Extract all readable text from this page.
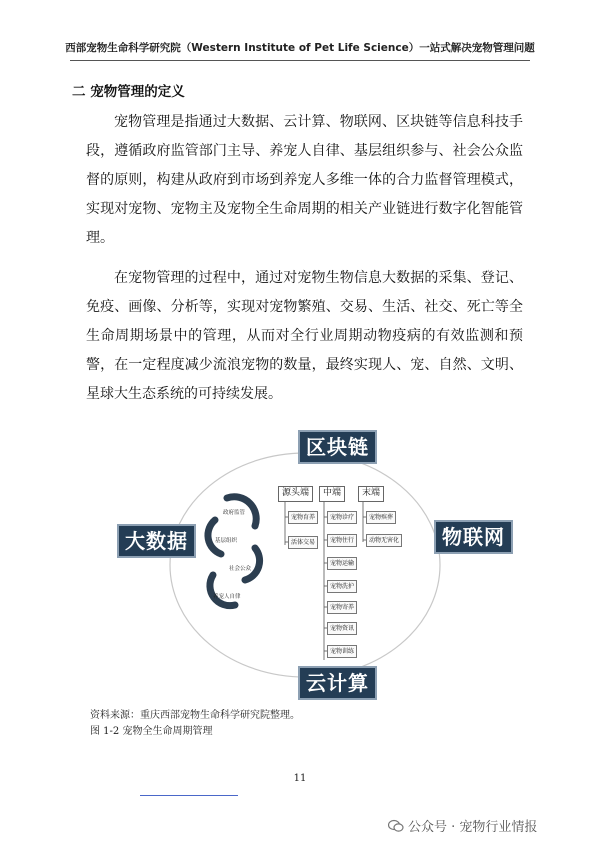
西部宠物生命科学研究院（Western Institute of Pet Life Science）一站式解决宠物管理问题
二 宠物管理的定义

宠物管理是指通过大数据、云计算、物联网、区块链等信息科技手段，遵循政府监管部门主导、养宠人自律、基层组织参与、社会公众监督的原则，构建从政府到市场到养宠人多维一体的合力监督管理模式，实现对宠物、宠物主及宠物全生命周期的相关产业链进行数字化智能管理。

在宠物管理的过程中，通过对宠物生物信息大数据的采集、登记、免疫、画像、分析等，实现对宠物繁殖、交易、生活、社交、死亡等全生命周期场景中的管理，从而对全行业周期动物疫病的有效监测和预警，在一定程度减少流浪宠物的数量，最终实现人、宠、自然、文明、星球大生态系统的可持续发展。

区块链
大数据	物联网
云计算
政府监管
基层组织
社会公众
养宠人自律
源头端	中端	末端
宠物育养
活体交易
宠物诊疗
宠物住行
宠物运输
宠物洗护
宠物寄养
宠物资讯
宠物训练
宠物殡葬
动物无害化
资料来源：重庆西部宠物生命科学研究院整理。
图 1-2 宠物全生命周期管理
11
公众号 · 宠物行业情报
